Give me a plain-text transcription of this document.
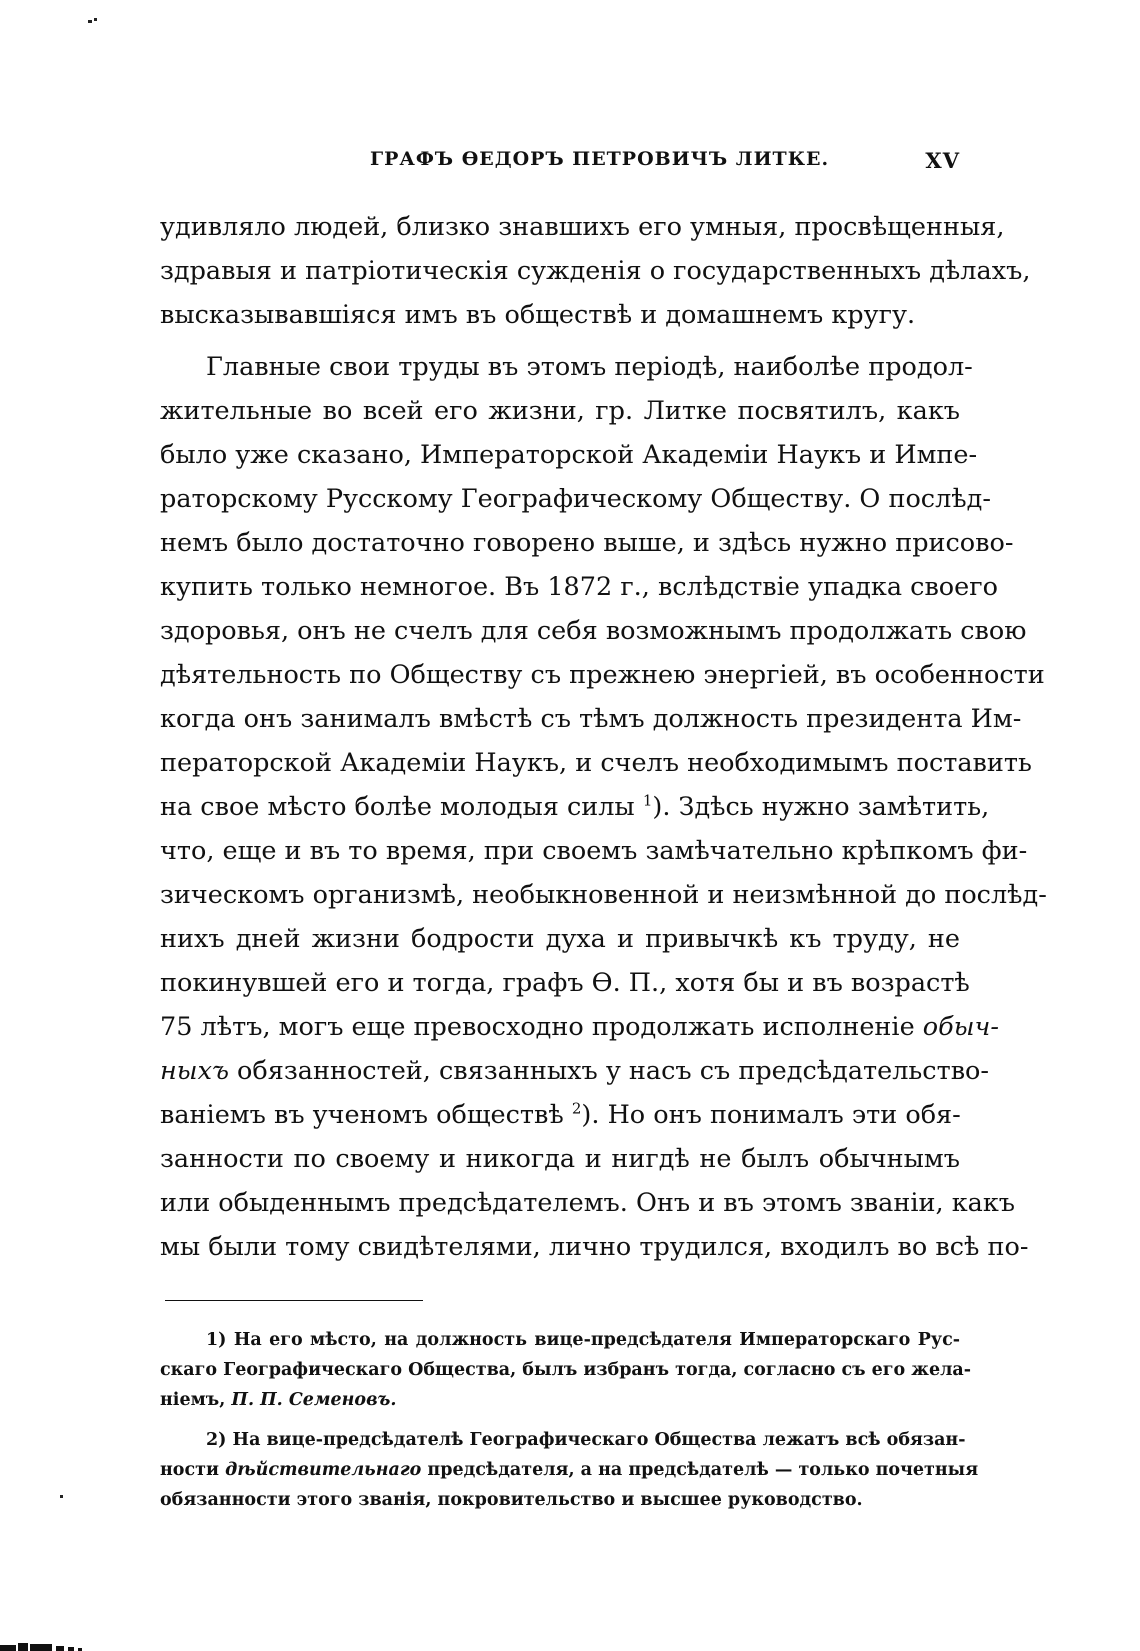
ГРАФЪ ѲЕДОРЪ ПЕТРОВИЧЪ ЛИТКЕ.	XV
удивляло людей, близко знавшихъ его умныя, просвѣщенныя,
здравыя и патріотическія сужденія о государственныхъ дѣлахъ,
высказывавшіяся имъ въ обществѣ и домашнемъ кругу.
Главные свои труды въ этомъ періодѣ, наиболѣе продол-
жительные во всей его жизни, гр. Литке посвятилъ, какъ
было уже сказано, Императорской Академіи Наукъ и Импе-
раторскому Русскому Географическому Обществу. О послѣд-
немъ было достаточно говорено выше, и здѣсь нужно присово-
купить только немногое. Въ 1872 г., вслѣдствіе упадка своего
здоровья, онъ не счелъ для себя возможнымъ продолжать свою
дѣятельность по Обществу съ прежнею энергіей, въ особенности
когда онъ занималъ вмѣстѣ съ тѣмъ должность президента Им-
ператорской Академіи Наукъ, и счелъ необходимымъ поставить
на свое мѣсто болѣе молодыя силы $^1$). Здѣсь нужно замѣтить,
что, еще и въ то время, при своемъ замѣчательно крѣпкомъ фи-
зическомъ организмѣ, необыкновенной и неизмѣнной до послѣд-
нихъ дней жизни бодрости духа и привычкѣ къ труду, не
покинувшей его и тогда, графъ Ѳ. П., хотя бы и въ возрастѣ
75 лѣтъ, могъ еще превосходно продолжать исполненіе обыч-
ныхъ обязанностей, связанныхъ у насъ съ предсѣдательство-
ваніемъ въ ученомъ обществѣ $^2$). Но онъ понималъ эти обя-
занности по своему и никогда и нигдѣ не былъ обычнымъ
или обыденнымъ предсѣдателемъ. Онъ и въ этомъ званіи, какъ
мы были тому свидѣтелями, лично трудился, входилъ во всѣ по-
1) На его мѣсто, на должность вице-предсѣдателя Императорскаго Рус-
скаго Географическаго Общества, былъ избранъ тогда, согласно съ его жела-
ніемъ, П. П. Семеновъ.
2) На вице-предсѣдателѣ Географическаго Общества лежатъ всѣ обязан-
ности дѣйствительнаго предсѣдателя, а на предсѣдателѣ — только почетныя
обязанности этого званія, покровительство и высшее руководство.
